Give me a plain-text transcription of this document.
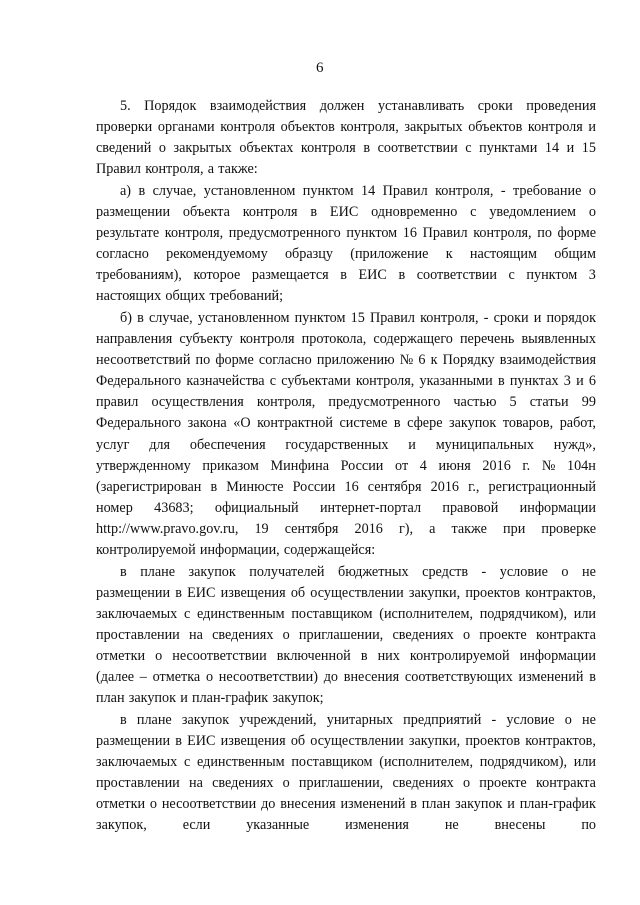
6
5. Порядок взаимодействия должен устанавливать сроки проведения
проверки органами контроля объектов контроля, закрытых объектов контроля и
сведений о закрытых объектах контроля в соответствии с пунктами 14 и 15
Правил контроля, а также:
а) в случае, установленном пунктом 14 Правил контроля, - требование о
размещении объекта контроля в ЕИС одновременно с уведомлением о
результате контроля, предусмотренного пунктом 16 Правил контроля, по форме
согласно рекомендуемому образцу (приложение к настоящим общим
требованиям), которое размещается в ЕИС в соответствии с пунктом 3
настоящих общих требований;
б) в случае, установленном пунктом 15 Правил контроля, - сроки и порядок
направления субъекту контроля протокола, содержащего перечень выявленных
несоответствий по форме согласно приложению № 6 к Порядку взаимодействия
Федерального казначейства с субъектами контроля, указанными в пунктах 3 и 6
правил осуществления контроля, предусмотренного частью 5 статьи 99
Федерального закона «О контрактной системе в сфере закупок товаров, работ,
услуг для обеспечения государственных и муниципальных нужд»,
утвержденному приказом Минфина России от 4 июня 2016 г. № 104н
(зарегистрирован в Минюсте России 16 сентября 2016 г., регистрационный
номер 43683; официальный интернет-портал правовой информации
http://www.pravo.gov.ru, 19 сентября 2016 г), а также при проверке
контролируемой информации, содержащейся:
в плане закупок получателей бюджетных средств - условие о не
размещении в ЕИС извещения об осуществлении закупки, проектов контрактов,
заключаемых с единственным поставщиком (исполнителем, подрядчиком), или
проставлении на сведениях о приглашении, сведениях о проекте контракта
отметки о несоответствии включенной в них контролируемой информации
(далее – отметка о несоответствии) до внесения соответствующих изменений в
план закупок и план-график закупок;
в плане закупок учреждений, унитарных предприятий - условие о не
размещении в ЕИС извещения об осуществлении закупки, проектов контрактов,
заключаемых с единственным поставщиком (исполнителем, подрядчиком), или
проставлении на сведениях о приглашении, сведениях о проекте контракта
отметки о несоответствии до внесения изменений в план закупок и план-график
закупок,	если	указанные	изменения	не	внесены	по
